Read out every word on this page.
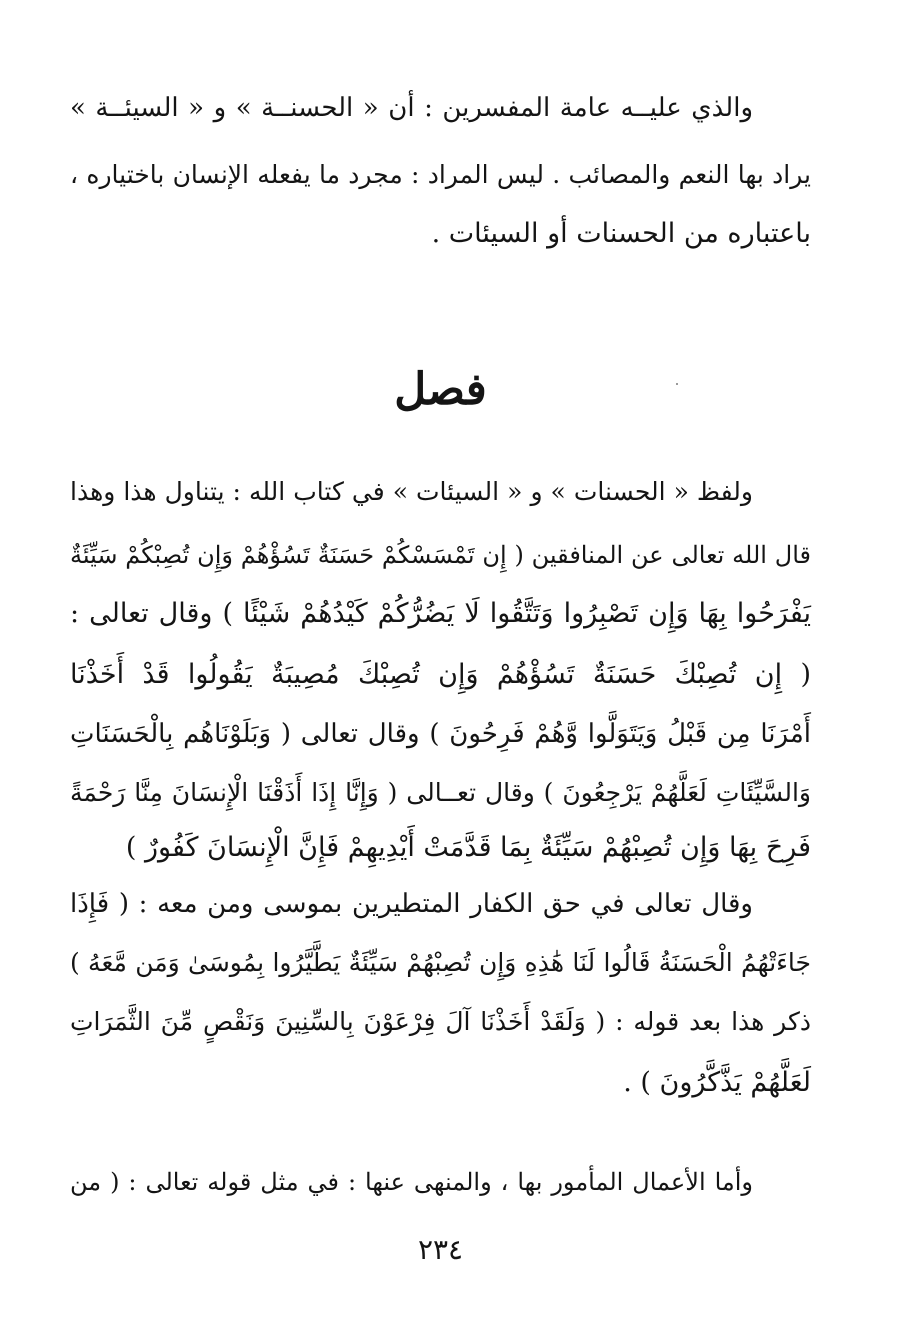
والذي عليــه عامة المفسرين : أن « الحسنــة » و « السيئــة »
يراد بها النعم والمصائب . ليس المراد : مجرد ما يفعله الإنسان باختياره ،
باعتباره من الحسنات أو السيئات .
فصل
ولفظ « الحسنات » و « السيئات » في كتاب الله : يتناول هذا وهذا
قال الله تعالى عن المنافقين ( إِن تَمْسَسْكُمْ حَسَنَةٌ تَسُؤْهُمْ وَإِن تُصِبْكُمْ سَيِّئَةٌ
يَفْرَحُوا بِهَا وَإِن تَصْبِرُوا وَتَتَّقُوا لَا يَضُرُّكُمْ كَيْدُهُمْ شَيْئًا ) وقال تعالى :
( إِن تُصِبْكَ حَسَنَةٌ تَسُؤْهُمْ وَإِن تُصِبْكَ مُصِيبَةٌ يَقُولُوا قَدْ أَخَذْنَا
أَمْرَنَا مِن قَبْلُ وَيَتَوَلَّوا وَّهُمْ فَرِحُونَ ) وقال تعالى ( وَبَلَوْنَاهُم بِالْحَسَنَاتِ
وَالسَّيِّئَاتِ لَعَلَّهُمْ يَرْجِعُونَ ) وقال تعــالى ( وَإِنَّا إِذَا أَذَقْنَا الْإِنسَانَ مِنَّا رَحْمَةً
فَرِحَ بِهَا وَإِن تُصِبْهُمْ سَيِّئَةٌ بِمَا قَدَّمَتْ أَيْدِيهِمْ فَإِنَّ الْإِنسَانَ كَفُورٌ )
وقال تعالى في حق الكفار المتطيرين بموسى ومن معه : ( فَإِذَا
جَاءَتْهُمُ الْحَسَنَةُ قَالُوا لَنَا هَٰذِهِ وَإِن تُصِبْهُمْ سَيِّئَةٌ يَطَّيَّرُوا بِمُوسَىٰ وَمَن مَّعَهُ )
ذكر هذا بعد قوله : ( وَلَقَدْ أَخَذْنَا آلَ فِرْعَوْنَ بِالسِّنِينَ وَنَقْصٍ مِّنَ الثَّمَرَاتِ
لَعَلَّهُمْ يَذَّكَّرُونَ ) .
وأما الأعمال المأمور بها ، والمنهى عنها : في مثل قوله تعالى : ( من
٢٣٤
